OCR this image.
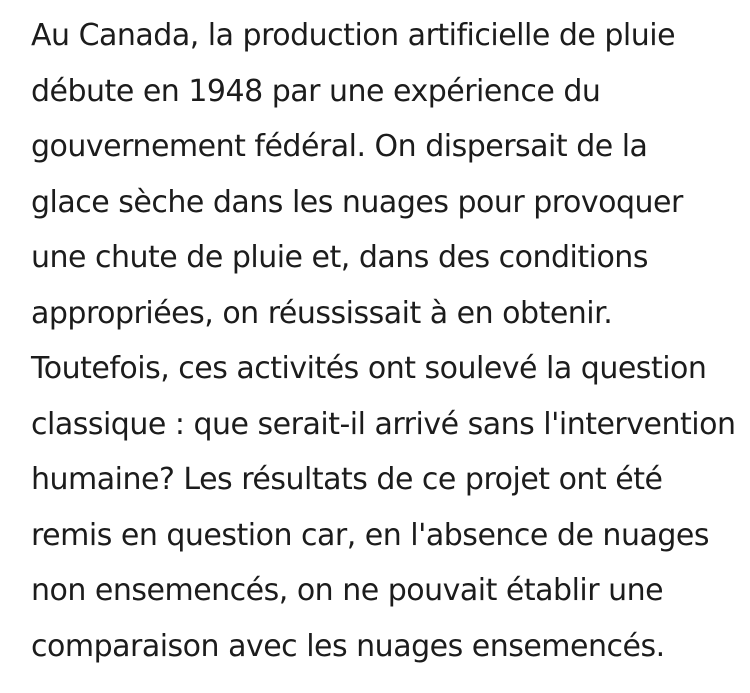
Au Canada, la production artificielle de pluie
débute en 1948 par une expérience du
gouvernement fédéral. On dispersait de la
glace sèche dans les nuages pour provoquer
une chute de pluie et, dans des conditions
appropriées, on réussissait à en obtenir.
Toutefois, ces activités ont soulevé la question
classique : que serait-il arrivé sans l'intervention
humaine? Les résultats de ce projet ont été
remis en question car, en l'absence de nuages
non ensemencés, on ne pouvait établir une
comparaison avec les nuages ensemencés.
